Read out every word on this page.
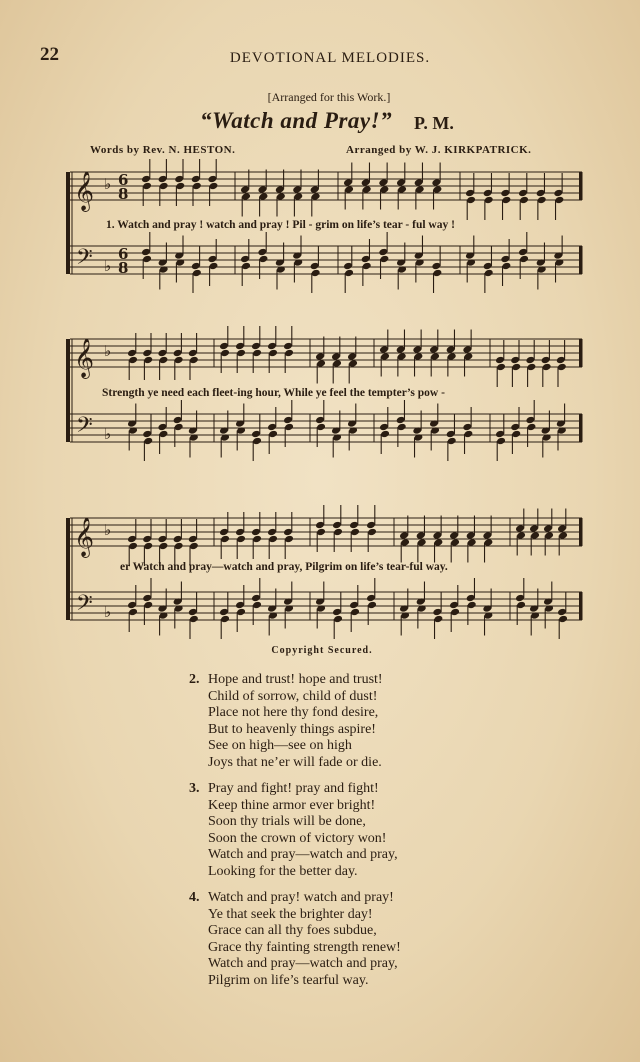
22	DEVOTIONAL MELODIES.
[Arranged for this Work.]
“Watch and Pray!” P. M.
Words by Rev. N. HESTON.	Arranged by W. J. KIRKPATRICK.
𝄞
𝄢
♭
♭
6
6
8
8
𝄞
𝄢
♭
♭
𝄞
𝄢
♭
♭
1. Watch and pray ! watch and pray ! Pil - grim on life’s tear - ful way !
Strength ye need each fleet-ing hour, While ye feel the tempter’s pow -
er Watch and pray—watch and pray, Pilgrim on life’s tear-ful way.
Copyright Secured.
2. Hope and trust! hope and trust!
Child of sorrow, child of dust!
Place not here thy fond desire,
But to heavenly things aspire!
See on high—see on high
Joys that ne’er will fade or die.
3. Pray and fight! pray and fight!
Keep thine armor ever bright!
Soon thy trials will be done,
Soon the crown of victory won!
Watch and pray—watch and pray,
Looking for the better day.
4. Watch and pray! watch and pray!
Ye that seek the brighter day!
Grace can all thy foes subdue,
Grace thy fainting strength renew!
Watch and pray—watch and pray,
Pilgrim on life’s tearful way.
